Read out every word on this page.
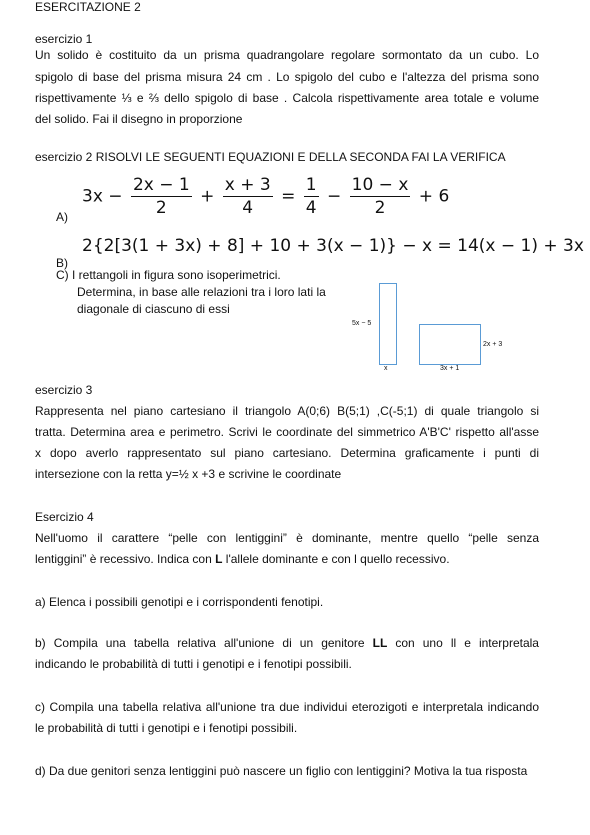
ESERCITAZIONE 2
esercizio 1
Un solido è costituito da un prisma quadrangolare regolare sormontato da un cubo. Lo
spigolo di base del prisma misura 24 cm . Lo spigolo del cubo e l'altezza del prisma sono
rispettivamente ⅓ e ⅔ dello spigolo di base . Calcola rispettivamente area totale e volume
del solido. Fai il disegno in proporzione
esercizio 2 RISOLVI LE SEGUENTI EQUAZIONI E DELLA SECONDA FAI LA VERIFICA
A)
$3x - \frac{2x - 1}{2} + \frac{x + 3}{4} = \frac{1}{4} - \frac{10 - x}{2} + 6$
B)
2{2[3(1 + 3x) + 8] + 10 + 3(x − 1)} − x = 14(x − 1) + 3x
C) I rettangoli in figura sono isoperimetrici.
Determina, in base alle relazioni tra i loro lati la
diagonale di ciascuno di essi
5x − 5
x
2x + 3
3x + 1
esercizio 3
Rappresenta nel piano cartesiano il triangolo A(0;6) B(5;1) ,C(-5;1) di quale triangolo si
tratta. Determina area e perimetro. Scrivi le coordinate del simmetrico A'B'C' rispetto all'asse
x dopo averlo rappresentato sul piano cartesiano. Determina graficamente i punti di
intersezione con la retta y=½ x +3 e scrivine le coordinate
Esercizio 4
Nell'uomo il carattere “pelle con lentiggini” è dominante, mentre quello “pelle senza
lentiggini” è recessivo. Indica con L l'allele dominante e con l quello recessivo.
a) Elenca i possibili genotipi e i corrispondenti fenotipi.
b) Compila una tabella relativa all'unione di un genitore LL con uno ll e interpretala
indicando le probabilità di tutti i genotipi e i fenotipi possibili.
c) Compila una tabella relativa all'unione tra due individui eterozigoti e interpretala indicando
le probabilità di tutti i genotipi e i fenotipi possibili.
d) Da due genitori senza lentiggini può nascere un figlio con lentiggini? Motiva la tua risposta
